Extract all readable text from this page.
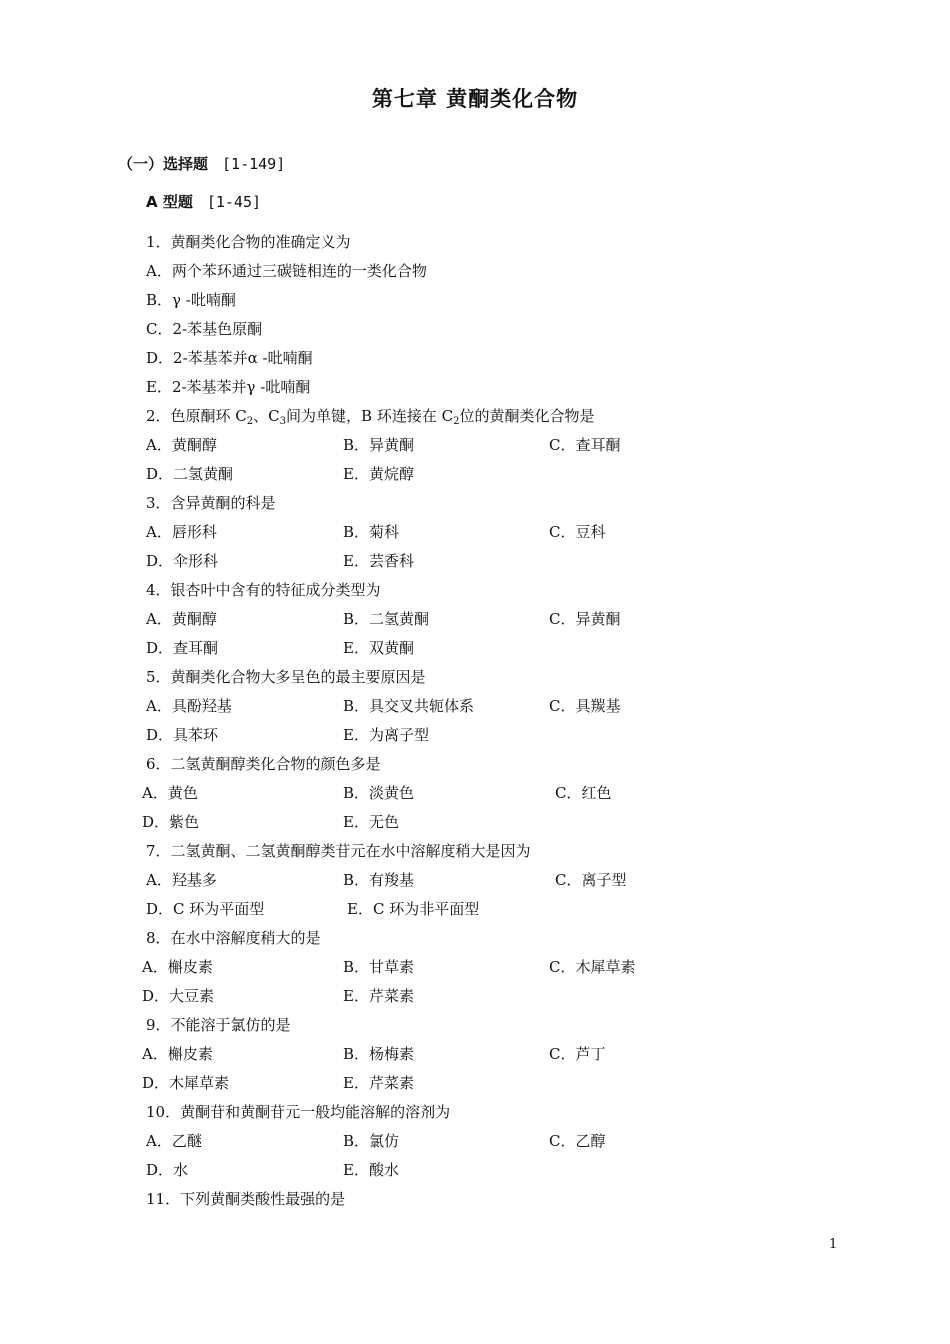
第七章 黄酮类化合物
（一）选择题 [1-149]
A 型题 [1-45]
1．黄酮类化合物的准确定义为
A．两个苯环通过三碳链相连的一类化合物
B．γ -吡喃酮
C．2-苯基色原酮
D．2-苯基苯并α -吡喃酮
E．2-苯基苯并γ -吡喃酮
2．色原酮环 $C_2$、$C_3$间为单键，B 环连接在 $C_2$位的黄酮类化合物是
A．黄酮醇	B．异黄酮	C．查耳酮
D．二氢黄酮	E．黄烷醇
3．含异黄酮的科是
A．唇形科	B．菊科	C．豆科
D．伞形科	E．芸香科
4．银杏叶中含有的特征成分类型为
A．黄酮醇	B．二氢黄酮	C．异黄酮
D．查耳酮	E．双黄酮
5．黄酮类化合物大多呈色的最主要原因是
A．具酚羟基	B．具交叉共轭体系	C．具羰基
D．具苯环	E．为离子型
6．二氢黄酮醇类化合物的颜色多是
A．黄色	B．淡黄色	C．红色
D．紫色	E．无色
7．二氢黄酮、二氢黄酮醇类苷元在水中溶解度稍大是因为
A．羟基多	B．有羧基	C．离子型
D．C 环为平面型	E．C 环为非平面型
8．在水中溶解度稍大的是
A．槲皮素	B．甘草素	C．木犀草素
D．大豆素	E．芹菜素
9．不能溶于氯仿的是
A．槲皮素	B．杨梅素	C．芦丁
D．木犀草素	E．芹菜素
10．黄酮苷和黄酮苷元一般均能溶解的溶剂为
A．乙醚	B．氯仿	C．乙醇
D．水	E．酸水
11．下列黄酮类酸性最强的是
1
